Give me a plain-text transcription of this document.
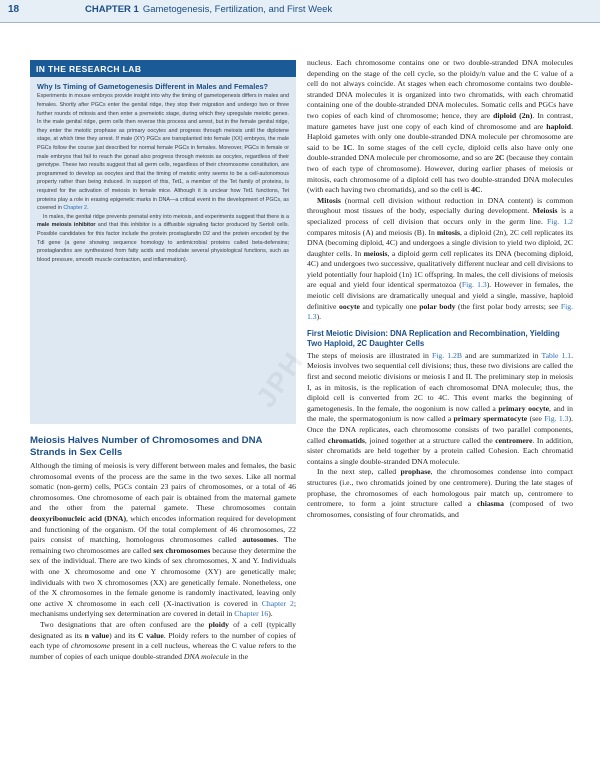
18	CHAPTER 1 Gametogenesis, Fertilization, and First Week
IN THE RESEARCH LAB

Why Is Timing of Gametogenesis Different in Males and Females?

Experiments in mouse embryos provide insight into why the timing of gametogenesis differs in males and females. Shortly after PGCs enter the genital ridge, they stop their migration and undergo two or three further rounds of mitosis and then enter a premeiotic stage, during which they upregulate meiotic genes. In the male genital ridge, germ cells then reverse this process and arrest, but in the female genital ridge, they enter the meiotic prophase as primary oocytes and progress through meiosis until the diplotene stage, at which time they arrest. If male (XY) PGCs are transplanted into female (XX) embryos, the male PGCs follow the course just described for normal female PGCs in females. Moreover, PGCs in female or male embryos that fail to reach the gonad also progress through meiosis as oocytes, regardless of their genotype. These two results suggest that all germ cells, regardless of their chromosome constitution, are programmed to develop as oocytes and that the timing of meiotic entry seems to be a cell-autonomous property rather than being induced. In support of this, Tet1, a member of the Tet family of proteins, is required for the activation of meiosis in female mice. Although it is unclear how Tet1 functions, Tet proteins play a role in erasing epigenetic marks in DNA—a critical event in the development of PGCs, as covered in Chapter 2.

In males, the genital ridge prevents prenatal entry into meiosis, and experiments suggest that there is a male meiosis inhibitor and that this inhibitor is a diffusible signaling factor produced by Sertoli cells. Possible candidates for this factor include the protein prostaglandin D2 and the protein encoded by the Tdl gene (a gene showing sequence homology to antimicrobial proteins called beta-defensins; prostaglandins are synthesized from fatty acids and modulate several physiological functions, such as blood pressure, smooth muscle contraction, and inflammation).

Meiosis Halves Number of Chromosomes and DNA Strands in Sex Cells

Although the timing of meiosis is very different between males and females, the basic chromosomal events of the process are the same in the two sexes. Like all normal somatic (non-germ) cells, PGCs contain 23 pairs of chromosomes, or a total of 46 chromosomes. One chromosome of each pair is obtained from the maternal gamete and the other from the paternal gamete. These chromosomes contain deoxyribonucleic acid (DNA), which encodes information required for development and functioning of the organism. Of the total complement of 46 chromosomes, 22 pairs consist of matching, homologous chromosomes called autosomes. The remaining two chromosomes are called sex chromosomes because they determine the sex of the individual. There are two kinds of sex chromosomes, X and Y. Individuals with one X chromosome and one Y chromosome (XY) are genetically male; individuals with two X chromosomes (XX) are genetically female. Nonetheless, one of the X chromosomes in the female genome is randomly inactivated, leaving only one active X chromosome in each cell (X-inactivation is covered in Chapter 2; mechanisms underlying sex determination are covered in detail in Chapter 16).

Two designations that are often confused are the ploidy of a cell (typically designated as its n value) and its C value. Ploidy refers to the number of copies of each type of chromosome present in a cell nucleus, whereas the C value refers to the number of copies of each unique double-stranded DNA molecule in the

nucleus. Each chromosome contains one or two double-stranded DNA molecules depending on the stage of the cell cycle, so the ploidy/n value and the C value of a cell do not always coincide. At stages when each chromosome contains two double-stranded DNA molecules it is organized into two chromatids, with each chromatid containing one of the double-stranded DNA molecules. Somatic cells and PGCs have two copies of each kind of chromosome; hence, they are diploid (2n). In contrast, mature gametes have just one copy of each kind of chromosome and are haploid. Haploid gametes with only one double-stranded DNA molecule per chromosome are said to be 1C. In some stages of the cell cycle, diploid cells also have only one double-stranded DNA molecule per chromosome, and so are 2C (because they contain two of each type of chromosome). However, during earlier phases of meiosis or mitosis, each chromosome of a diploid cell has two double-stranded DNA molecules (with each having two chromatids), and so the cell is 4C.

Mitosis (normal cell division without reduction in DNA content) is common throughout most tissues of the body, especially during development. Meiosis is a specialized process of cell division that occurs only in the germ line. Fig. 1.2 compares mitosis (A) and meiosis (B). In mitosis, a diploid (2n), 2C cell replicates its DNA (becoming diploid, 4C) and undergoes a single division to yield two diploid, 2C daughter cells. In meiosis, a diploid germ cell replicates its DNA (becoming diploid, 4C) and undergoes two successive, qualitatively different nuclear and cell divisions to yield potentially four haploid (1n) 1C offspring. In males, the cell divisions of meiosis are equal and yield four identical spermatozoa (Fig. 1.3). However in females, the meiotic cell divisions are dramatically unequal and yield a single, massive, haploid definitive oocyte and typically one polar body (the first polar body arrests; see Fig. 1.3).

First Meiotic Division: DNA Replication and Recombination, Yielding Two Haploid, 2C Daughter Cells

The steps of meiosis are illustrated in Fig. 1.2B and are summarized in Table 1.1. Meiosis involves two sequential cell divisions; thus, these two divisions are called the first and second meiotic divisions or meiosis I and II. The preliminary step in meiosis I, as in mitosis, is the replication of each chromosomal DNA molecule; thus, the diploid cell is converted from 2C to 4C. This event marks the beginning of gametogenesis. In the female, the oogonium is now called a primary oocyte, and in the male, the spermatogonium is now called a primary spermatocyte (see Fig. 1.3). Once the DNA replicates, each chromosome consists of two parallel components, called chromatids, joined together at a structure called the centromere. In addition, sister chromatids are held together by a protein called Cohesion. Each chromatid contains a single double-stranded DNA molecule.

In the next step, called prophase, the chromosomes condense into compact structures (i.e., two chromatids joined by one centromere). During the late stages of prophase, the chromosomes of each homologous pair match up, centromere to centromere, to form a joint structure called a chiasma (composed of two chromosomes, consisting of four chromatids, and

JPH
